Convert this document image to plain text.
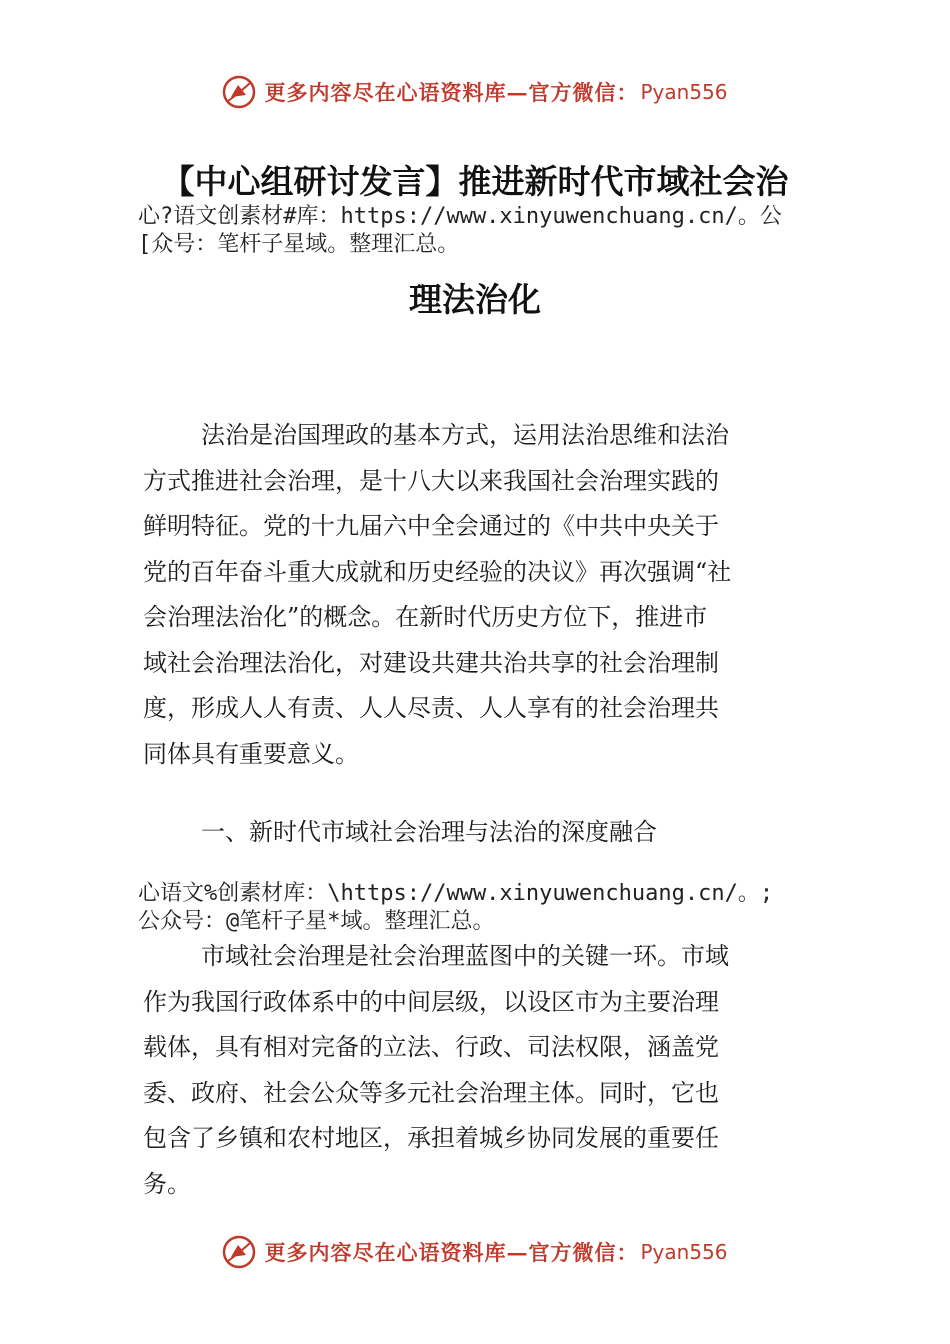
更多内容尽在心语资料库—官方微信： Pyan556
【中心组研讨发言】推进新时代市域社会治
心?语文创素材#库：https://www.xinyuwenchuang.cn/。公
[众号：笔杆子星域。整理汇总。
理法治化
法治是治国理政的基本方式，运用法治思维和法治
方式推进社会治理，是十八大以来我国社会治理实践的
鲜明特征。党的十九届六中全会通过的《中共中央关于
党的百年奋斗重大成就和历史经验的决议》再次强调“社
会治理法治化”的概念。在新时代历史方位下，推进市
域社会治理法治化，对建设共建共治共享的社会治理制
度，形成人人有责、人人尽责、人人享有的社会治理共
同体具有重要意义。
一、新时代市域社会治理与法治的深度融合
心语文%创素材库：\https://www.xinyuwenchuang.cn/。;
公众号：@笔杆子星*域。整理汇总。
市域社会治理是社会治理蓝图中的关键一环。市域
作为我国行政体系中的中间层级，以设区市为主要治理
载体，具有相对完备的立法、行政、司法权限，涵盖党
委、政府、社会公众等多元社会治理主体。同时，它也
包含了乡镇和农村地区，承担着城乡协同发展的重要任
务。
更多内容尽在心语资料库—官方微信： Pyan556
